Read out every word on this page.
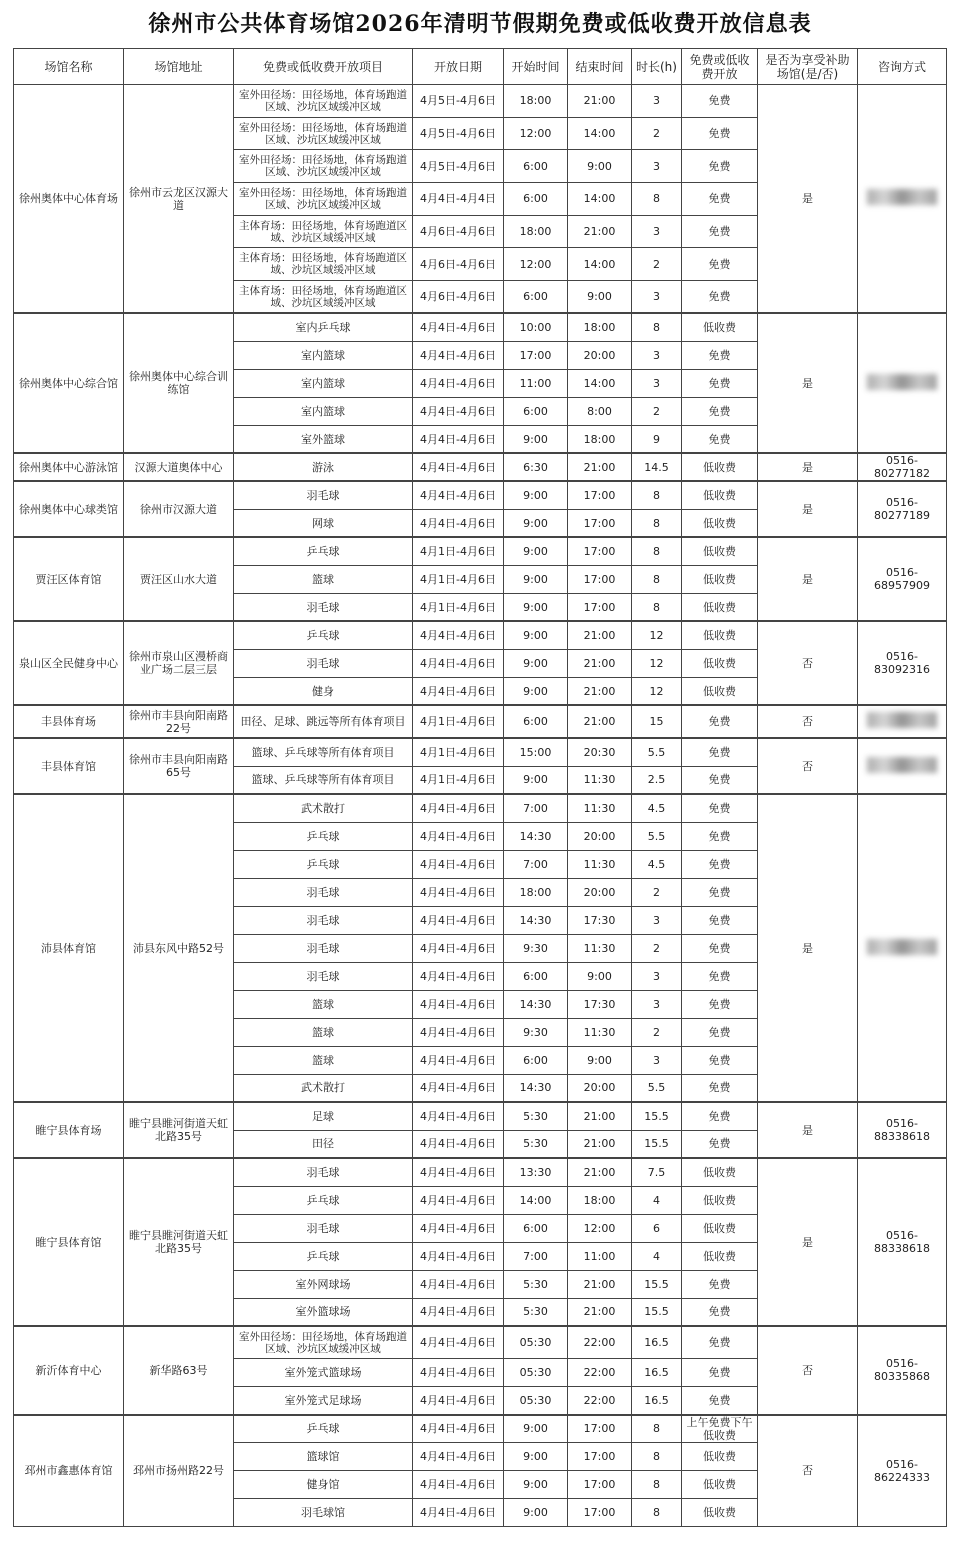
徐州市公共体育场馆2026年清明节假期免费或低收费开放信息表
场馆名称	场馆地址	免费或低收费开放项目	开放日期	开始时间	结束时间	时长(h)	免费或低收费开放	是否为享受补助场馆(是/否)	咨询方式
徐州奥体中心体育场	徐州市云龙区汉源大道	室外田径场：田径场地，体育场跑道区域、沙坑区域缓冲区域	4月5日-4月6日	18:00	21:00	3	免费	是	
		室外田径场：田径场地，体育场跑道区域、沙坑区域缓冲区域	4月5日-4月6日	12:00	14:00	2	免费		
		室外田径场：田径场地，体育场跑道区域、沙坑区域缓冲区域	4月5日-4月6日	6:00	9:00	3	免费		
		室外田径场：田径场地，体育场跑道区域、沙坑区域缓冲区域	4月4日-4月4日	6:00	14:00	8	免费		
		主体育场：田径场地，体育场跑道区域、沙坑区域缓冲区域	4月6日-4月6日	18:00	21:00	3	免费		
		主体育场：田径场地，体育场跑道区域、沙坑区域缓冲区域	4月6日-4月6日	12:00	14:00	2	免费		
		主体育场：田径场地，体育场跑道区域、沙坑区域缓冲区域	4月6日-4月6日	6:00	9:00	3	免费		
徐州奥体中心综合馆	徐州奥体中心综合训练馆	室内乒乓球	4月4日-4月6日	10:00	18:00	8	低收费	是	
		室内篮球	4月4日-4月6日	17:00	20:00	3	免费		
		室内篮球	4月4日-4月6日	11:00	14:00	3	免费		
		室内篮球	4月4日-4月6日	6:00	8:00	2	免费		
		室外篮球	4月4日-4月6日	9:00	18:00	9	免费		
徐州奥体中心游泳馆	汉源大道奥体中心	游泳	4月4日-4月6日	6:30	21:00	14.5	低收费	是	0516-80277182
徐州奥体中心球类馆	徐州市汉源大道	羽毛球	4月4日-4月6日	9:00	17:00	8	低收费	是	0516-80277189
		网球	4月4日-4月6日	9:00	17:00	8	低收费		
贾汪区体育馆	贾汪区山水大道	乒乓球	4月1日-4月6日	9:00	17:00	8	低收费	是	0516-68957909
		篮球	4月1日-4月6日	9:00	17:00	8	低收费		
		羽毛球	4月1日-4月6日	9:00	17:00	8	低收费		
泉山区全民健身中心	徐州市泉山区漫桥商业广场二层三层	乒乓球	4月4日-4月6日	9:00	21:00	12	低收费	否	0516-83092316
		羽毛球	4月4日-4月6日	9:00	21:00	12	低收费		
		健身	4月4日-4月6日	9:00	21:00	12	低收费		
丰县体育场	徐州市丰县向阳南路22号	田径、足球、跳远等所有体育项目	4月1日-4月6日	6:00	21:00	15	免费	否	
丰县体育馆	徐州市丰县向阳南路65号	篮球、乒乓球等所有体育项目	4月1日-4月6日	15:00	20:30	5.5	免费	否	
		篮球、乒乓球等所有体育项目	4月1日-4月6日	9:00	11:30	2.5	免费		
沛县体育馆	沛县东风中路52号	武术散打	4月4日-4月6日	7:00	11:30	4.5	免费	是	
		乒乓球	4月4日-4月6日	14:30	20:00	5.5	免费		
		乒乓球	4月4日-4月6日	7:00	11:30	4.5	免费		
		羽毛球	4月4日-4月6日	18:00	20:00	2	免费		
		羽毛球	4月4日-4月6日	14:30	17:30	3	免费		
		羽毛球	4月4日-4月6日	9:30	11:30	2	免费		
		羽毛球	4月4日-4月6日	6:00	9:00	3	免费		
		篮球	4月4日-4月6日	14:30	17:30	3	免费		
		篮球	4月4日-4月6日	9:30	11:30	2	免费		
		篮球	4月4日-4月6日	6:00	9:00	3	免费		
		武术散打	4月4日-4月6日	14:30	20:00	5.5	免费		
睢宁县体育场	睢宁县睢河街道天虹北路35号	足球	4月4日-4月6日	5:30	21:00	15.5	免费	是	0516-88338618
		田径	4月4日-4月6日	5:30	21:00	15.5	免费		
睢宁县体育馆	睢宁县睢河街道天虹北路35号	羽毛球	4月4日-4月6日	13:30	21:00	7.5	低收费	是	0516-88338618
		乒乓球	4月4日-4月6日	14:00	18:00	4	低收费		
		羽毛球	4月4日-4月6日	6:00	12:00	6	低收费		
		乒乓球	4月4日-4月6日	7:00	11:00	4	低收费		
		室外网球场	4月4日-4月6日	5:30	21:00	15.5	免费		
		室外篮球场	4月4日-4月6日	5:30	21:00	15.5	免费		
新沂体育中心	新华路63号	室外田径场：田径场地，体育场跑道区域、沙坑区域缓冲区域	4月4日-4月6日	05:30	22:00	16.5	免费	否	0516-80335868
		室外笼式篮球场	4月4日-4月6日	05:30	22:00	16.5	免费		
		室外笼式足球场	4月4日-4月6日	05:30	22:00	16.5	免费		
邳州市鑫惠体育馆	邳州市扬州路22号	乒乓球	4月4日-4月6日	9:00	17:00	8	上午免费下午低收费	否	0516-86224333
		篮球馆	4月4日-4月6日	9:00	17:00	8	低收费		
		健身馆	4月4日-4月6日	9:00	17:00	8	低收费		
		羽毛球馆	4月4日-4月6日	9:00	17:00	8	低收费		
